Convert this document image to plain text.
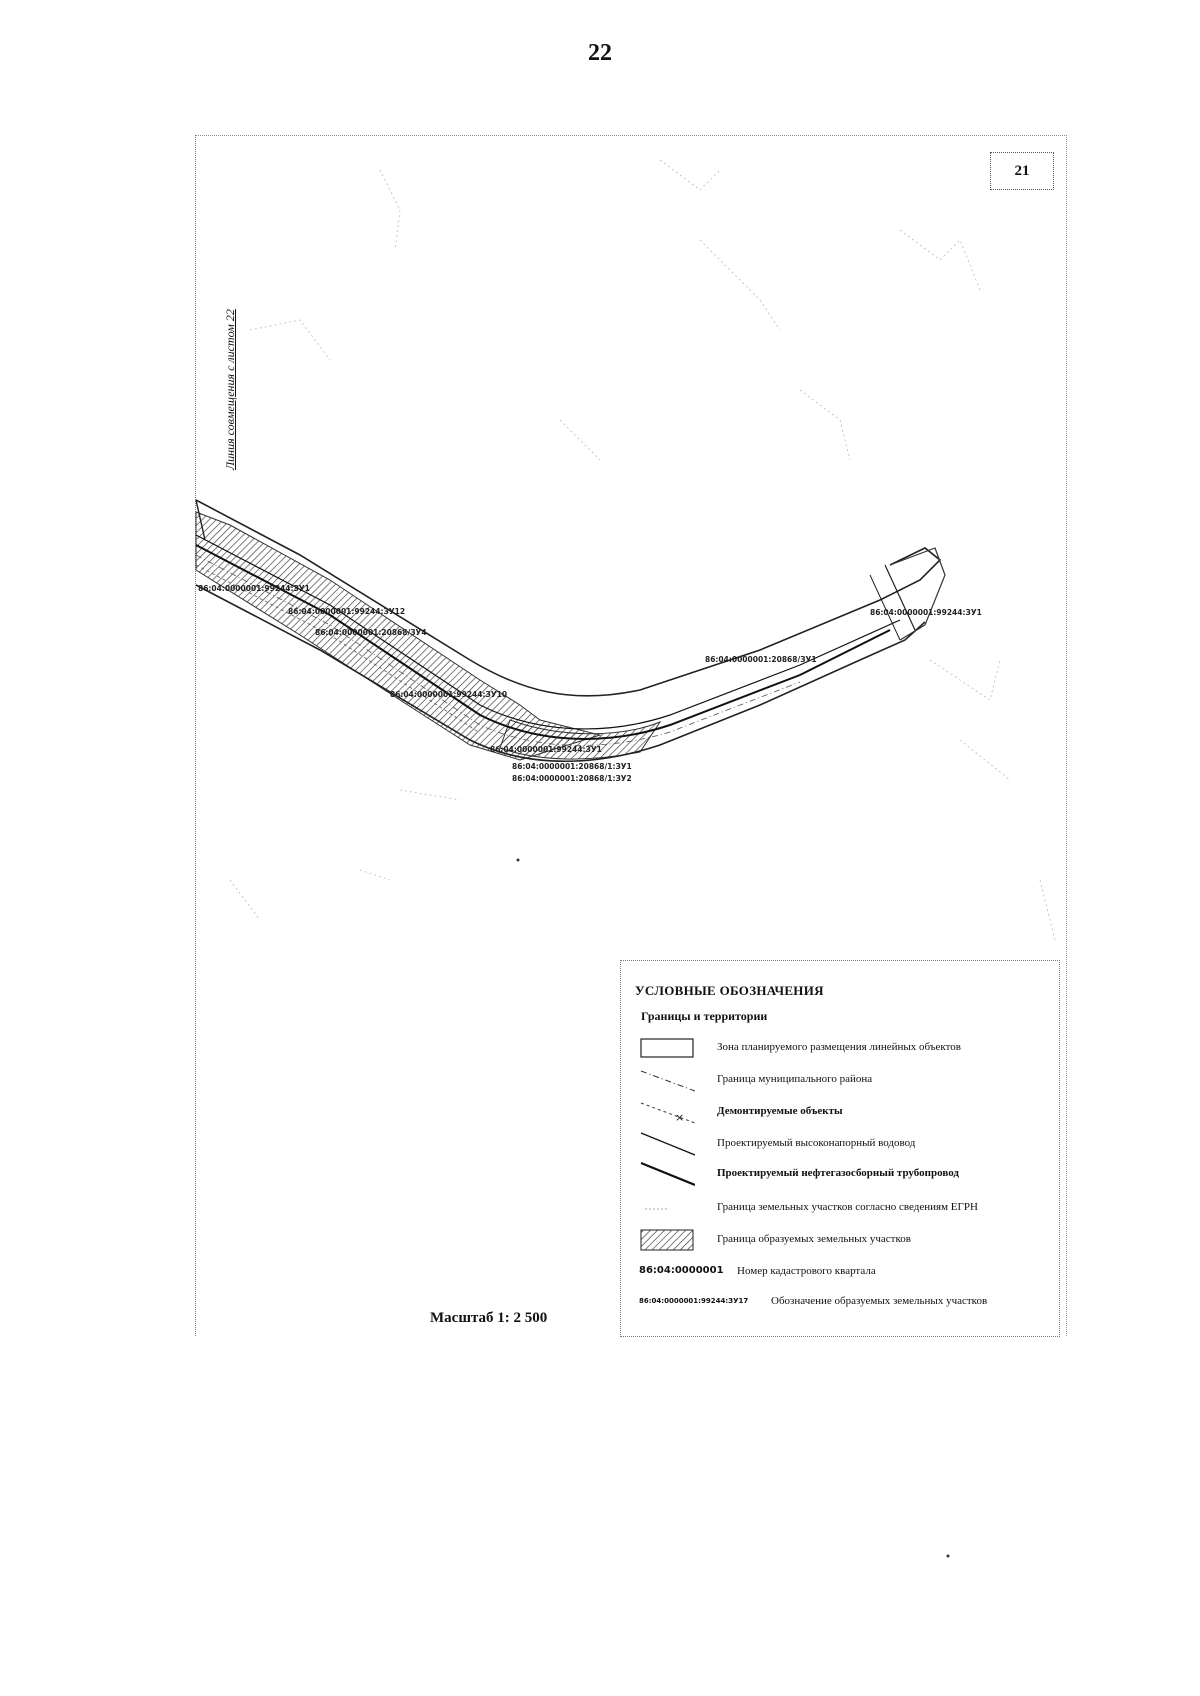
22
21
Линия совмещения с листом 22
86:04:0000001:99244:ЗУ1
86:04:0000001:99244:ЗУ12
86:04:0000001:20868/ЗУ4
86:04:0000001:99244:ЗУ10
86:04:0000001:99244:ЗУ1
86:04:0000001:20868/ЗУ1
86:04:0000001:20868/1:ЗУ1
86:04:0000001:20868/1:ЗУ2
86:04:0000001:99244:ЗУ1
Масштаб 1: 2 500
УСЛОВНЫЕ ОБОЗНАЧЕНИЯ
Границы и территории
Зона планируемого размещения линейных объектов
Граница муниципального района
×	Демонтируемые объекты
Проектируемый высоконапорный водовод
Проектируемый нефтегазосборный трубопровод
Граница земельных участков согласно сведениям ЕГРН
Граница образуемых земельных участков
86:04:0000001 Номер кадастрового квартала
86:04:0000001:99244:ЗУ17 Обозначение образуемых земельных участков
